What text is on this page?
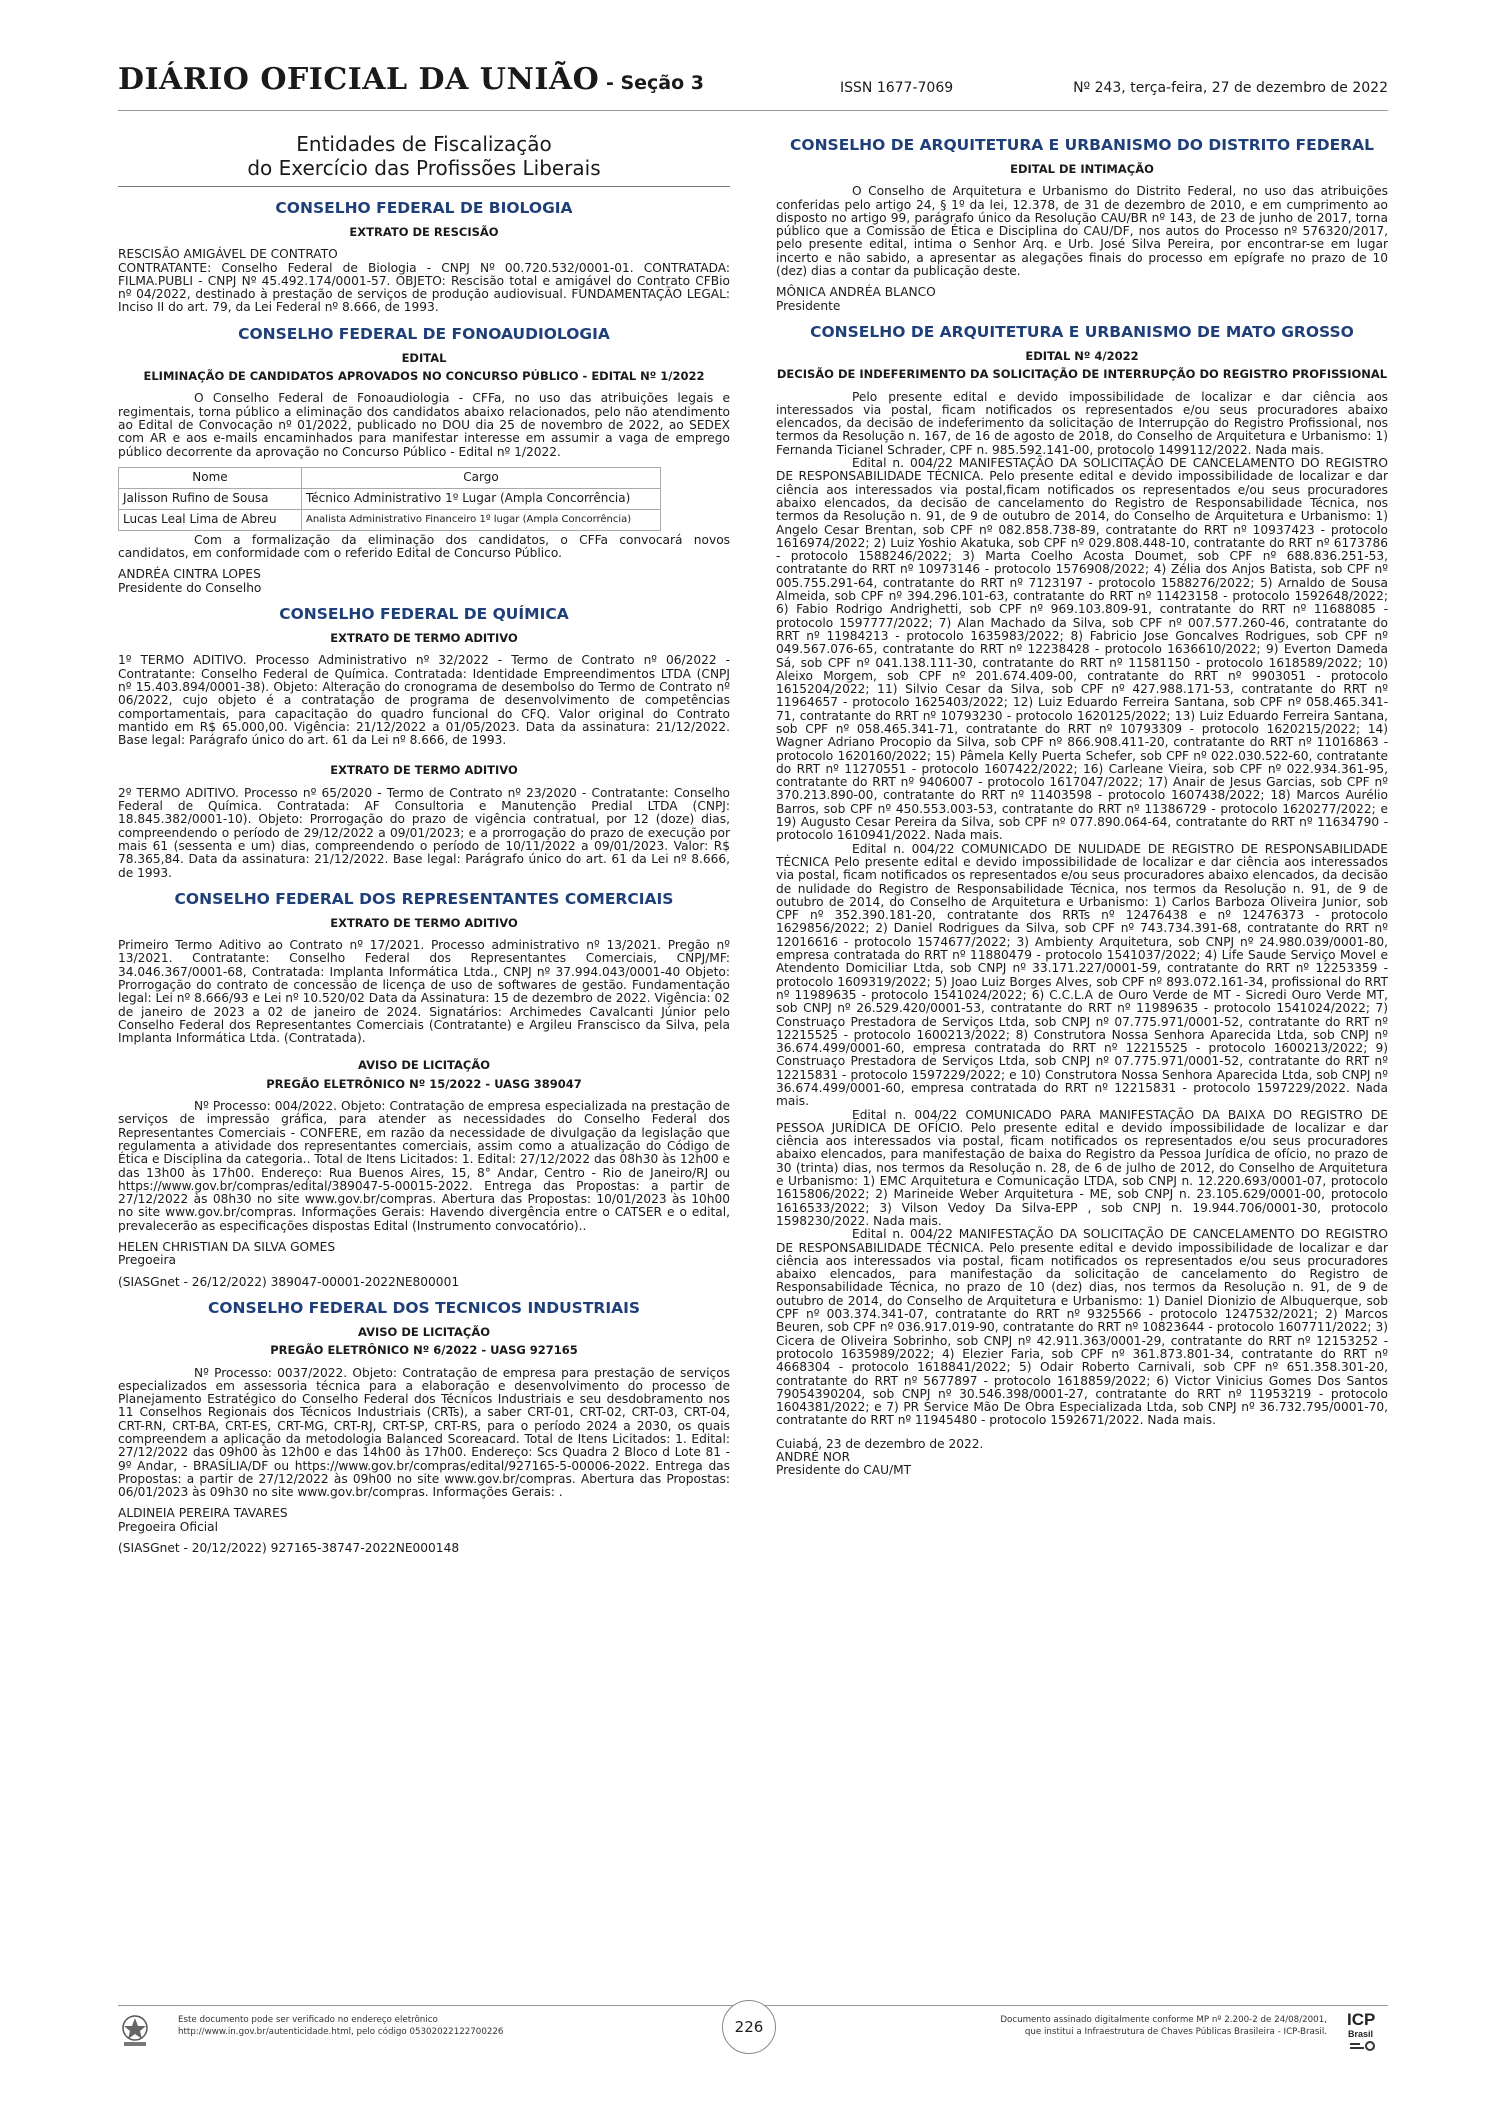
DIÁRIO OFICIAL DA UNIÃO - Seção 3	ISSN 1677-7069	Nº 243, terça-feira, 27 de dezembro de 2022
Entidades de Fiscalização
do Exercício das Profissões Liberais
CONSELHO FEDERAL DE BIOLOGIA
EXTRATO DE RESCISÃO

RESCISÃO AMIGÁVEL DE CONTRATO

CONTRATANTE: Conselho Federal de Biologia - CNPJ Nº 00.720.532/0001-01. CONTRATADA: FILMA.PUBLI - CNPJ Nº 45.492.174/0001-57. OBJETO: Rescisão total e amigável do Contrato CFBio nº 04/2022, destinado à prestação de serviços de produção audiovisual. FUNDAMENTAÇÃO LEGAL: Inciso II do art. 79, da Lei Federal nº 8.666, de 1993.

CONSELHO FEDERAL DE FONOAUDIOLOGIA
EDITAL
ELIMINAÇÃO DE CANDIDATOS APROVADOS NO CONCURSO PÚBLICO - EDITAL Nº 1/2022

O Conselho Federal de Fonoaudiologia - CFFa, no uso das atribuições legais e regimentais, torna público a eliminação dos candidatos abaixo relacionados, pelo não atendimento ao Edital de Convocação nº 01/2022, publicado no DOU dia 25 de novembro de 2022, ao SEDEX com AR e aos e-mails encaminhados para manifestar interesse em assumir a vaga de emprego público decorrente da aprovação no Concurso Público - Edital nº 1/2022.

Nome	Cargo
Jalisson Rufino de Sousa	Técnico Administrativo 1º Lugar (Ampla Concorrência)
Lucas Leal Lima de Abreu	Analista Administrativo Financeiro 1º lugar (Ampla Concorrência)

Com a formalização da eliminação dos candidatos, o CFFa convocará novos candidatos, em conformidade com o referido Edital de Concurso Público.

ANDRÉA CINTRA LOPES

Presidente do Conselho

CONSELHO FEDERAL DE QUÍMICA
EXTRATO DE TERMO ADITIVO

1º TERMO ADITIVO. Processo Administrativo nº 32/2022 - Termo de Contrato nº 06/2022 - Contratante: Conselho Federal de Química. Contratada: Identidade Empreendimentos LTDA (CNPJ nº 15.403.894/0001-38). Objeto: Alteração do cronograma de desembolso do Termo de Contrato nº 06/2022, cujo objeto é a contratação de programa de desenvolvimento de competências comportamentais, para capacitação do quadro funcional do CFQ. Valor original do Contrato mantido em R$ 65.000,00. Vigência: 21/12/2022 a 01/05/2023. Data da assinatura: 21/12/2022. Base legal: Parágrafo único do art. 61 da Lei nº 8.666, de 1993.

EXTRATO DE TERMO ADITIVO

2º TERMO ADITIVO. Processo nº 65/2020 - Termo de Contrato nº 23/2020 - Contratante: Conselho Federal de Química. Contratada: AF Consultoria e Manutenção Predial LTDA (CNPJ: 18.845.382/0001-10). Objeto: Prorrogação do prazo de vigência contratual, por 12 (doze) dias, compreendendo o período de 29/12/2022 a 09/01/2023; e a prorrogação do prazo de execução por mais 61 (sessenta e um) dias, compreendendo o período de 10/11/2022 a 09/01/2023. Valor: R$ 78.365,84. Data da assinatura: 21/12/2022. Base legal: Parágrafo único do art. 61 da Lei nº 8.666, de 1993.

CONSELHO FEDERAL DOS REPRESENTANTES COMERCIAIS
EXTRATO DE TERMO ADITIVO

Primeiro Termo Aditivo ao Contrato nº 17/2021. Processo administrativo nº 13/2021. Pregão nº 13/2021. Contratante: Conselho Federal dos Representantes Comerciais, CNPJ/MF: 34.046.367/0001-68, Contratada: Implanta Informática Ltda., CNPJ nº 37.994.043/0001-40 Objeto: Prorrogação do contrato de concessão de licença de uso de softwares de gestão. Fundamentação legal: Lei nº 8.666/93 e Lei nº 10.520/02 Data da Assinatura: 15 de dezembro de 2022. Vigência: 02 de janeiro de 2023 a 02 de janeiro de 2024. Signatários: Archimedes Cavalcanti Júnior pelo Conselho Federal dos Representantes Comerciais (Contratante) e Argileu Franscisco da Silva, pela Implanta Informática Ltda. (Contratada).

AVISO DE LICITAÇÃO
PREGÃO ELETRÔNICO Nº 15/2022 - UASG 389047

Nº Processo: 004/2022. Objeto: Contratação de empresa especializada na prestação de serviços de impressão gráfica, para atender as necessidades do Conselho Federal dos Representantes Comerciais - CONFERE, em razão da necessidade de divulgação da legislação que regulamenta a atividade dos representantes comerciais, assim como a atualização do Código de Ética e Disciplina da categoria.. Total de Itens Licitados: 1. Edital: 27/12/2022 das 08h30 às 12h00 e das 13h00 às 17h00. Endereço: Rua Buenos Aires, 15, 8° Andar, Centro - Rio de Janeiro/RJ ou https://www.gov.br/compras/edital/389047-5-00015-2022. Entrega das Propostas: a partir de 27/12/2022 às 08h30 no site www.gov.br/compras. Abertura das Propostas: 10/01/2023 às 10h00 no site www.gov.br/compras. Informações Gerais: Havendo divergência entre o CATSER e o edital, prevalecerão as especificações dispostas Edital (Instrumento convocatório)..

HELEN CHRISTIAN DA SILVA GOMES

Pregoeira

(SIASGnet - 26/12/2022) 389047-00001-2022NE800001

CONSELHO FEDERAL DOS TECNICOS INDUSTRIAIS
AVISO DE LICITAÇÃO
PREGÃO ELETRÔNICO Nº 6/2022 - UASG 927165

Nº Processo: 0037/2022. Objeto: Contratação de empresa para prestação de serviços especializados em assessoria técnica para a elaboração e desenvolvimento do processo de Planejamento Estratégico do Conselho Federal dos Técnicos Industriais e seu desdobramento nos 11 Conselhos Regionais dos Técnicos Industriais (CRTs), a saber CRT-01, CRT-02, CRT-03, CRT-04, CRT-RN, CRT-BA, CRT-ES, CRT-MG, CRT-RJ, CRT-SP, CRT-RS, para o período 2024 a 2030, os quais compreendem a aplicação da metodologia Balanced Scoreacard. Total de Itens Licitados: 1. Edital: 27/12/2022 das 09h00 às 12h00 e das 14h00 às 17h00. Endereço: Scs Quadra 2 Bloco d Lote 81 - 9º Andar, - BRASÍLIA/DF ou https://www.gov.br/compras/edital/927165-5-00006-2022. Entrega das Propostas: a partir de 27/12/2022 às 09h00 no site www.gov.br/compras. Abertura das Propostas: 06/01/2023 às 09h30 no site www.gov.br/compras. Informações Gerais: .

ALDINEIA PEREIRA TAVARES

Pregoeira Oficial

(SIASGnet - 20/12/2022) 927165-38747-2022NE000148

CONSELHO DE ARQUITETURA E URBANISMO DO DISTRITO FEDERAL
EDITAL DE INTIMAÇÃO

O Conselho de Arquitetura e Urbanismo do Distrito Federal, no uso das atribuições conferidas pelo artigo 24, § 1º da lei, 12.378, de 31 de dezembro de 2010, e em cumprimento ao disposto no artigo 99, parágrafo único da Resolução CAU/BR nº 143, de 23 de junho de 2017, torna público que a Comissão de Ética e Disciplina do CAU/DF, nos autos do Processo nº 576320/2017, pelo presente edital, intima o Senhor Arq. e Urb. José Silva Pereira, por encontrar-se em lugar incerto e não sabido, a apresentar as alegações finais do processo em epígrafe no prazo de 10 (dez) dias a contar da publicação deste.

MÔNICA ANDRÉA BLANCO

Presidente

CONSELHO DE ARQUITETURA E URBANISMO DE MATO GROSSO
EDITAL Nº 4/2022
DECISÃO DE INDEFERIMENTO DA SOLICITAÇÃO DE INTERRUPÇÃO DO REGISTRO PROFISSIONAL

Pelo presente edital e devido impossibilidade de localizar e dar ciência aos interessados via postal, ficam notificados os representados e/ou seus procuradores abaixo elencados, da decisão de indeferimento da solicitação de Interrupção do Registro Profissional, nos termos da Resolução n. 167, de 16 de agosto de 2018, do Conselho de Arquitetura e Urbanismo: 1) Fernanda Ticianel Schrader, CPF n. 985.592.141-00, protocolo 1499112/2022. Nada mais.

Edital n. 004/22 MANIFESTAÇÃO DA SOLICITAÇÃO DE CANCELAMENTO DO REGISTRO DE RESPONSABILIDADE TÉCNICA. Pelo presente edital e devido impossibilidade de localizar e dar ciência aos interessados via postal,ficam notificados os representados e/ou seus procuradores abaixo elencados, da decisão de cancelamento do Registro de Responsabilidade Técnica, nos termos da Resolução n. 91, de 9 de outubro de 2014, do Conselho de Arquitetura e Urbanismo: 1) Angelo Cesar Brentan, sob CPF nº 082.858.738-89, contratante do RRT nº 10937423 - protocolo 1616974/2022; 2) Luiz Yoshio Akatuka, sob CPF nº 029.808.448-10, contratante do RRT nº 6173786 - protocolo 1588246/2022; 3) Marta Coelho Acosta Doumet, sob CPF nº 688.836.251-53, contratante do RRT nº 10973146 - protocolo 1576908/2022; 4) Zélia dos Anjos Batista, sob CPF nº 005.755.291-64, contratante do RRT nº 7123197 - protocolo 1588276/2022; 5) Arnaldo de Sousa Almeida, sob CPF nº 394.296.101-63, contratante do RRT nº 11423158 - protocolo 1592648/2022; 6) Fabio Rodrigo Andrighetti, sob CPF nº 969.103.809-91, contratante do RRT nº 11688085 - protocolo 1597777/2022; 7) Alan Machado da Silva, sob CPF nº 007.577.260-46, contratante do RRT nº 11984213 - protocolo 1635983/2022; 8) Fabricio Jose Goncalves Rodrigues, sob CPF nº 049.567.076-65, contratante do RRT nº 12238428 - protocolo 1636610/2022; 9) Everton Dameda Sá, sob CPF nº 041.138.111-30, contratante do RRT nº 11581150 - protocolo 1618589/2022; 10) Aleixo Morgem, sob CPF nº 201.674.409-00, contratante do RRT nº 9903051 - protocolo 1615204/2022; 11) Silvio Cesar da Silva, sob CPF nº 427.988.171-53, contratante do RRT nº 11964657 - protocolo 1625403/2022; 12) Luiz Eduardo Ferreira Santana, sob CPF nº 058.465.341-71, contratante do RRT nº 10793230 - protocolo 1620125/2022; 13) Luiz Eduardo Ferreira Santana, sob CPF nº 058.465.341-71, contratante do RRT nº 10793309 - protocolo 1620215/2022; 14) Wagner Adriano Procopio da Silva, sob CPF nº 866.908.411-20, contratante do RRT nº 11016863 - protocolo 1620160/2022; 15) Pâmela Kelly Puerta Schefer, sob CPF nº 022.030.522-60, contratante do RRT nº 11270551 - protocolo 1607422/2022; 16) Carleane Vieira, sob CPF nº 022.934.361-95, contratante do RRT nº 9406007 - protocolo 1617047/2022; 17) Anair de Jesus Garcias, sob CPF nº 370.213.890-00, contratante do RRT nº 11403598 - protocolo 1607438/2022; 18) Marcos Aurélio Barros, sob CPF nº 450.553.003-53, contratante do RRT nº 11386729 - protocolo 1620277/2022; e 19) Augusto Cesar Pereira da Silva, sob CPF nº 077.890.064-64, contratante do RRT nº 11634790 - protocolo 1610941/2022. Nada mais.

Edital n. 004/22 COMUNICADO DE NULIDADE DE REGISTRO DE RESPONSABILIDADE TÉCNICA Pelo presente edital e devido impossibilidade de localizar e dar ciência aos interessados via postal, ficam notificados os representados e/ou seus procuradores abaixo elencados, da decisão de nulidade do Registro de Responsabilidade Técnica, nos termos da Resolução n. 91, de 9 de outubro de 2014, do Conselho de Arquitetura e Urbanismo: 1) Carlos Barboza Oliveira Junior, sob CPF nº 352.390.181-20, contratante dos RRTs nº 12476438 e nº 12476373 - protocolo 1629856/2022; 2) Daniel Rodrigues da Silva, sob CPF nº 743.734.391-68, contratante do RRT nº 12016616 - protocolo 1574677/2022; 3) Ambienty Arquitetura, sob CNPJ nº 24.980.039/0001-80, empresa contratada do RRT nº 11880479 - protocolo 1541037/2022; 4) Life Saude Serviço Movel e Atendento Domiciliar Ltda, sob CNPJ nº 33.171.227/0001-59, contratante do RRT nº 12253359 - protocolo 1609319/2022; 5) Joao Luiz Borges Alves, sob CPF nº 893.072.161-34, profissional do RRT nº 11989635 - protocolo 1541024/2022; 6) C.C.L.A de Ouro Verde de MT - Sicredi Ouro Verde MT, sob CNPJ nº 26.529.420/0001-53, contratante do RRT nº 11989635 - protocolo 1541024/2022; 7) Construaço Prestadora de Serviços Ltda, sob CNPJ nº 07.775.971/0001-52, contratante do RRT nº 12215525 - protocolo 1600213/2022; 8) Construtora Nossa Senhora Aparecida Ltda, sob CNPJ nº 36.674.499/0001-60, empresa contratada do RRT nº 12215525 - protocolo 1600213/2022; 9) Construaço Prestadora de Serviços Ltda, sob CNPJ nº 07.775.971/0001-52, contratante do RRT nº 12215831 - protocolo 1597229/2022; e 10) Construtora Nossa Senhora Aparecida Ltda, sob CNPJ nº 36.674.499/0001-60, empresa contratada do RRT nº 12215831 - protocolo 1597229/2022. Nada mais.

Edital n. 004/22 COMUNICADO PARA MANIFESTAÇÃO DA BAIXA DO REGISTRO DE PESSOA JURÍDICA DE OFÍCIO. Pelo presente edital e devido impossibilidade de localizar e dar ciência aos interessados via postal, ficam notificados os representados e/ou seus procuradores abaixo elencados, para manifestação de baixa do Registro da Pessoa Jurídica de ofício, no prazo de 30 (trinta) dias, nos termos da Resolução n. 28, de 6 de julho de 2012, do Conselho de Arquitetura e Urbanismo: 1) EMC Arquitetura e Comunicação LTDA, sob CNPJ n. 12.220.693/0001-07, protocolo 1615806/2022; 2) Marineide Weber Arquitetura - ME, sob CNPJ n. 23.105.629/0001-00, protocolo 1616533/2022; 3) Vilson Vedoy Da Silva-EPP , sob CNPJ n. 19.944.706/0001-30, protocolo 1598230/2022. Nada mais.

Edital n. 004/22 MANIFESTAÇÃO DA SOLICITAÇÃO DE CANCELAMENTO DO REGISTRO DE RESPONSABILIDADE TÉCNICA. Pelo presente edital e devido impossibilidade de localizar e dar ciência aos interessados via postal, ficam notificados os representados e/ou seus procuradores abaixo elencados, para manifestação da solicitação de cancelamento do Registro de Responsabilidade Técnica, no prazo de 10 (dez) dias, nos termos da Resolução n. 91, de 9 de outubro de 2014, do Conselho de Arquitetura e Urbanismo: 1) Daniel Dionizio de Albuquerque, sob CPF nº 003.374.341-07, contratante do RRT nº 9325566 - protocolo 1247532/2021; 2) Marcos Beuren, sob CPF nº 036.917.019-90, contratante do RRT nº 10823644 - protocolo 1607711/2022; 3) Cicera de Oliveira Sobrinho, sob CNPJ nº 42.911.363/0001-29, contratante do RRT nº 12153252 - protocolo 1635989/2022; 4) Elezier Faria, sob CPF nº 361.873.801-34, contratante do RRT nº 4668304 - protocolo 1618841/2022; 5) Odair Roberto Carnivali, sob CPF nº 651.358.301-20, contratante do RRT nº 5677897 - protocolo 1618859/2022; 6) Victor Vinicius Gomes Dos Santos 79054390204, sob CNPJ nº 30.546.398/0001-27, contratante do RRT nº 11953219 - protocolo 1604381/2022; e 7) PR Service Mão De Obra Especializada Ltda, sob CNPJ nº 36.732.795/0001-70, contratante do RRT nº 11945480 - protocolo 1592671/2022. Nada mais.

Cuiabá, 23 de dezembro de 2022.

ANDRÉ NOR

Presidente do CAU/MT

Este documento pode ser verificado no endereço eletrônico
http://www.in.gov.br/autenticidade.html, pelo código 05302022122700226	226	Documento assinado digitalmente conforme MP nº 2.200-2 de 24/08/2001,
que institui a Infraestrutura de Chaves Públicas Brasileira - ICP-Brasil.
ICP
Brasil
